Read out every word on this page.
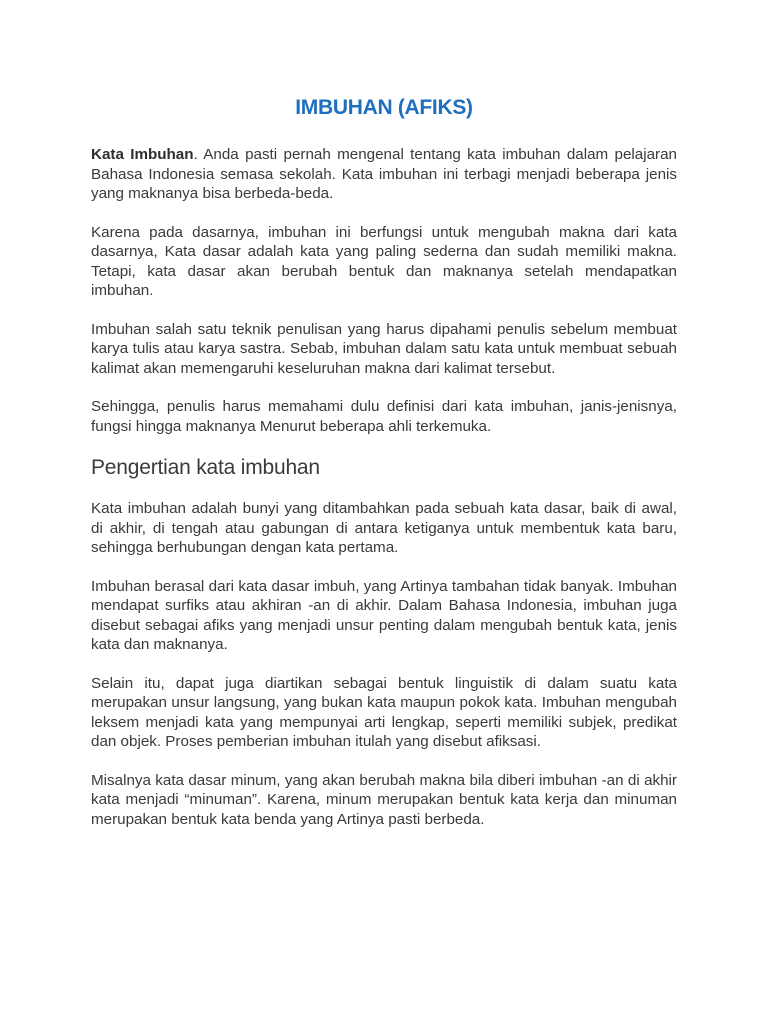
IMBUHAN (AFIKS)

Kata Imbuhan. Anda pasti pernah mengenal tentang kata imbuhan dalam pelajaran Bahasa Indonesia semasa sekolah. Kata imbuhan ini terbagi menjadi beberapa jenis yang maknanya bisa berbeda-beda.

Karena pada dasarnya, imbuhan ini berfungsi untuk mengubah makna dari kata dasarnya, Kata dasar adalah kata yang paling sederna dan sudah memiliki makna. Tetapi, kata dasar akan berubah bentuk dan maknanya setelah mendapatkan imbuhan.

Imbuhan salah satu teknik penulisan yang harus dipahami penulis sebelum membuat karya tulis atau karya sastra. Sebab, imbuhan dalam satu kata untuk membuat sebuah kalimat akan memengaruhi keseluruhan makna dari kalimat tersebut.

Sehingga, penulis harus memahami dulu definisi dari kata imbuhan, janis-jenisnya, fungsi hingga maknanya Menurut beberapa ahli terkemuka.

Pengertian kata imbuhan

Kata imbuhan adalah bunyi yang ditambahkan pada sebuah kata dasar, baik di awal, di akhir, di tengah atau gabungan di antara ketiganya untuk membentuk kata baru, sehingga berhubungan dengan kata pertama.

Imbuhan berasal dari kata dasar imbuh, yang Artinya tambahan tidak banyak. Imbuhan mendapat surfiks atau akhiran -an di akhir. Dalam Bahasa Indonesia, imbuhan juga disebut sebagai afiks yang menjadi unsur penting dalam mengubah bentuk kata, jenis kata dan maknanya.

Selain itu, dapat juga diartikan sebagai bentuk linguistik di dalam suatu kata merupakan unsur langsung, yang bukan kata maupun pokok kata. Imbuhan mengubah leksem menjadi kata yang mempunyai arti lengkap, seperti memiliki subjek, predikat dan objek. Proses pemberian imbuhan itulah yang disebut afiksasi.

Misalnya kata dasar minum, yang akan berubah makna bila diberi imbuhan -an di akhir kata menjadi “minuman”. Karena, minum merupakan bentuk kata kerja dan minuman merupakan bentuk kata benda yang Artinya pasti berbeda.
